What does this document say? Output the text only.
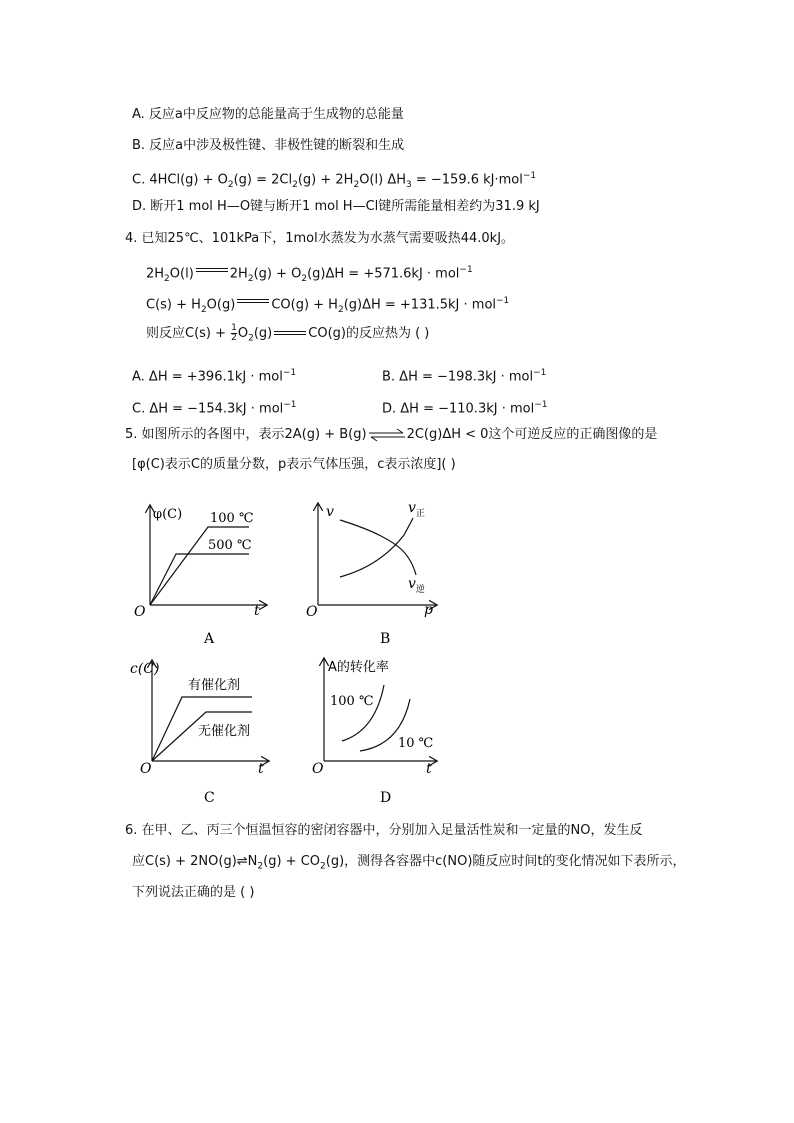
A. 反应a中反应物的总能量高于生成物的总能量
B. 反应a中涉及极性键、非极性键的断裂和生成
C. $4HCl(g) + O_2(g) = 2Cl_2(g) + 2H_2O(l) \Delta H_3 = -159.6$ kJ·mol$^{-1}$
D. 断开1 mol H—O键与断开1 mol H—Cl键所需能量相差约为31.9 kJ
4. 已知25℃、101kPa下，1mol水蒸发为水蒸气需要吸热44.0kJ。
$2H_2O(l)$	$2H_2(g) + O_2(g)\Delta H = +571.6kJ \cdot mol^{-1}$
$C(s) + H_2O(g)$	$CO(g) + H_2(g)\Delta H = +131.5kJ \cdot mol^{-1}$
则反应$C(s) + \frac{1}{2} O_2(g)$	CO(g)的反应热为 ( )
A. ΔH = +396.1kJ · mol$^{-1}$	B. ΔH = −198.3kJ · mol$^{-1}$
C. ΔH = −154.3kJ · mol$^{-1}$	D. ΔH = −110.3kJ · mol$^{-1}$
5. 如图所示的各图中，表示2A(g) + B(g)⇌2C(g)ΔH < 0这个可逆反应的正确图像的是
[φ(C)表示C的质量分数，p表示气体压强，c表示浓度]( )
φ(C) 100 ℃
500 ℃
O	t
A
v	$v_正$
$v_逆$
O	p
B
c(C)
有催化剂
无催化剂
O	t
C
A的转化率
100 ℃
10 ℃
O	t
D
6. 在甲、乙、丙三个恒温恒容的密闭容器中，分别加入足量活性炭和一定量的NO，发生反
应$C(s) + 2NO(g)\rightleftharpoons N_2(g) + CO_2(g)$，测得各容器中c(NO)随反应时间t的变化情况如下表所示，
下列说法正确的是 ( )
